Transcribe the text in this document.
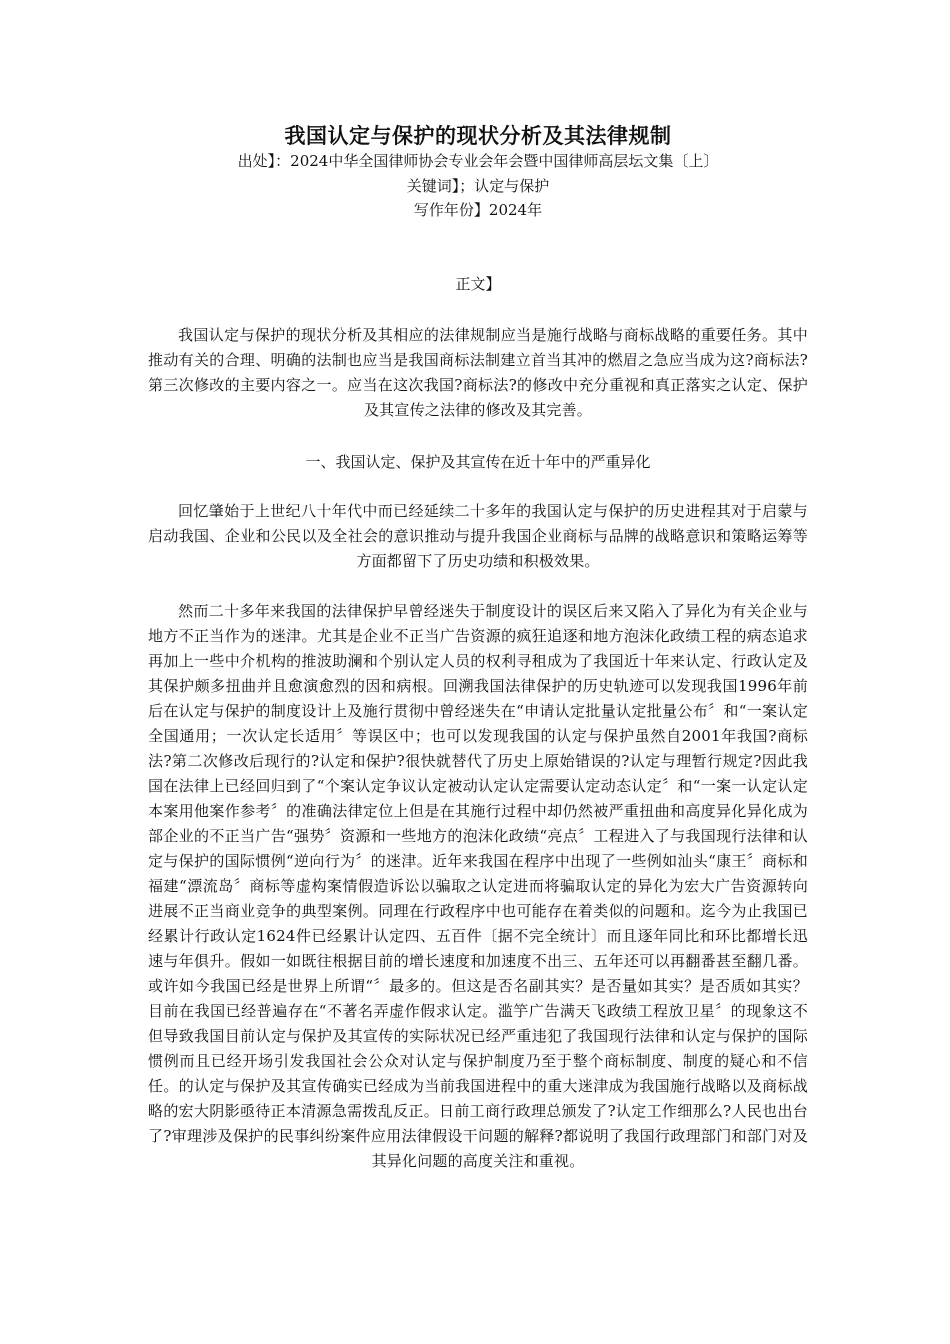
我国认定与保护的现状分析及其法律规制

出处】：2024中华全国律师协会专业会年会暨中国律师高层坛文集〔上〕

关键词】；认定与保护

写作年份】2024年

正文】

我国认定与保护的现状分析及其相应的法律规制应当是施行战略与商标战略的重要任务。其中推动有关的合理、明确的法制也应当是我国商标法制建立首当其冲的燃眉之急应当成为这?商标法?第三次修改的主要内容之一。应当在这次我国?商标法?的修改中充分重视和真正落实之认定、保护及其宣传之法律的修改及其完善。

一、我国认定、保护及其宣传在近十年中的严重异化

回忆肇始于上世纪八十年代中而已经延续二十多年的我国认定与保护的历史进程其对于启蒙与启动我国、企业和公民以及全社会的意识推动与提升我国企业商标与品牌的战略意识和策略运筹等方面都留下了历史功绩和积极效果。

然而二十多年来我国的法律保护早曾经迷失于制度设计的误区后来又陷入了异化为有关企业与地方不正当作为的迷津。尤其是企业不正当广告资源的疯狂追逐和地方泡沫化政绩工程的病态追求再加上一些中介机构的推波助澜和个别认定人员的权利寻租成为了我国近十年来认定、行政认定及其保护颇多扭曲并且愈演愈烈的因和病根。回溯我国法律保护的历史轨迹可以发现我国1996年前后在认定与保护的制度设计上及施行贯彻中曾经迷失在“申请认定批量认定批量公布〞和“一案认定全国通用；一次认定长适用〞等误区中；也可以发现我国的认定与保护虽然自2001年我国?商标法?第二次修改后现行的?认定和保护?很快就替代了历史上原始错误的?认定与理暂行规定?因此我国在法律上已经回归到了“个案认定争议认定被动认定认定需要认定动态认定〞和“一案一认定认定本案用他案作参考〞的准确法律定位上但是在其施行过程中却仍然被严重扭曲和高度异化异化成为部企业的不正当广告“强势〞资源和一些地方的泡沫化政绩“亮点〞工程进入了与我国现行法律和认定与保护的国际惯例“逆向行为〞的迷津。近年来我国在程序中出现了一些例如汕头“康王〞商标和福建“漂流岛〞商标等虚构案情假造诉讼以骗取之认定进而将骗取认定的异化为宏大广告资源转向进展不正当商业竞争的典型案例。同理在行政程序中也可能存在着类似的问题和。迄今为止我国已经累计行政认定1624件已经累计认定四、五百件〔据不完全统计〕而且逐年同比和环比都增长迅速与年俱升。假如一如既往根据目前的增长速度和加速度不出三、五年还可以再翻番甚至翻几番。或许如今我国已经是世界上所谓“〞最多的。但这是否名副其实？是否量如其实？是否质如其实？目前在我国已经普遍存在“不著名弄虚作假求认定。滥竽广告满天飞政绩工程放卫星〞的现象这不但导致我国目前认定与保护及其宣传的实际状况已经严重违犯了我国现行法律和认定与保护的国际惯例而且已经开场引发我国社会公众对认定与保护制度乃至于整个商标制度、制度的疑心和不信任。的认定与保护及其宣传确实已经成为当前我国进程中的重大迷津成为我国施行战略以及商标战略的宏大阴影亟待正本清源急需拨乱反正。日前工商行政理总颁发了?认定工作细那么?人民也出台了?审理涉及保护的民事纠纷案件应用法律假设干问题的解释?都说明了我国行政理部门和部门对及其异化问题的高度关注和重视。
